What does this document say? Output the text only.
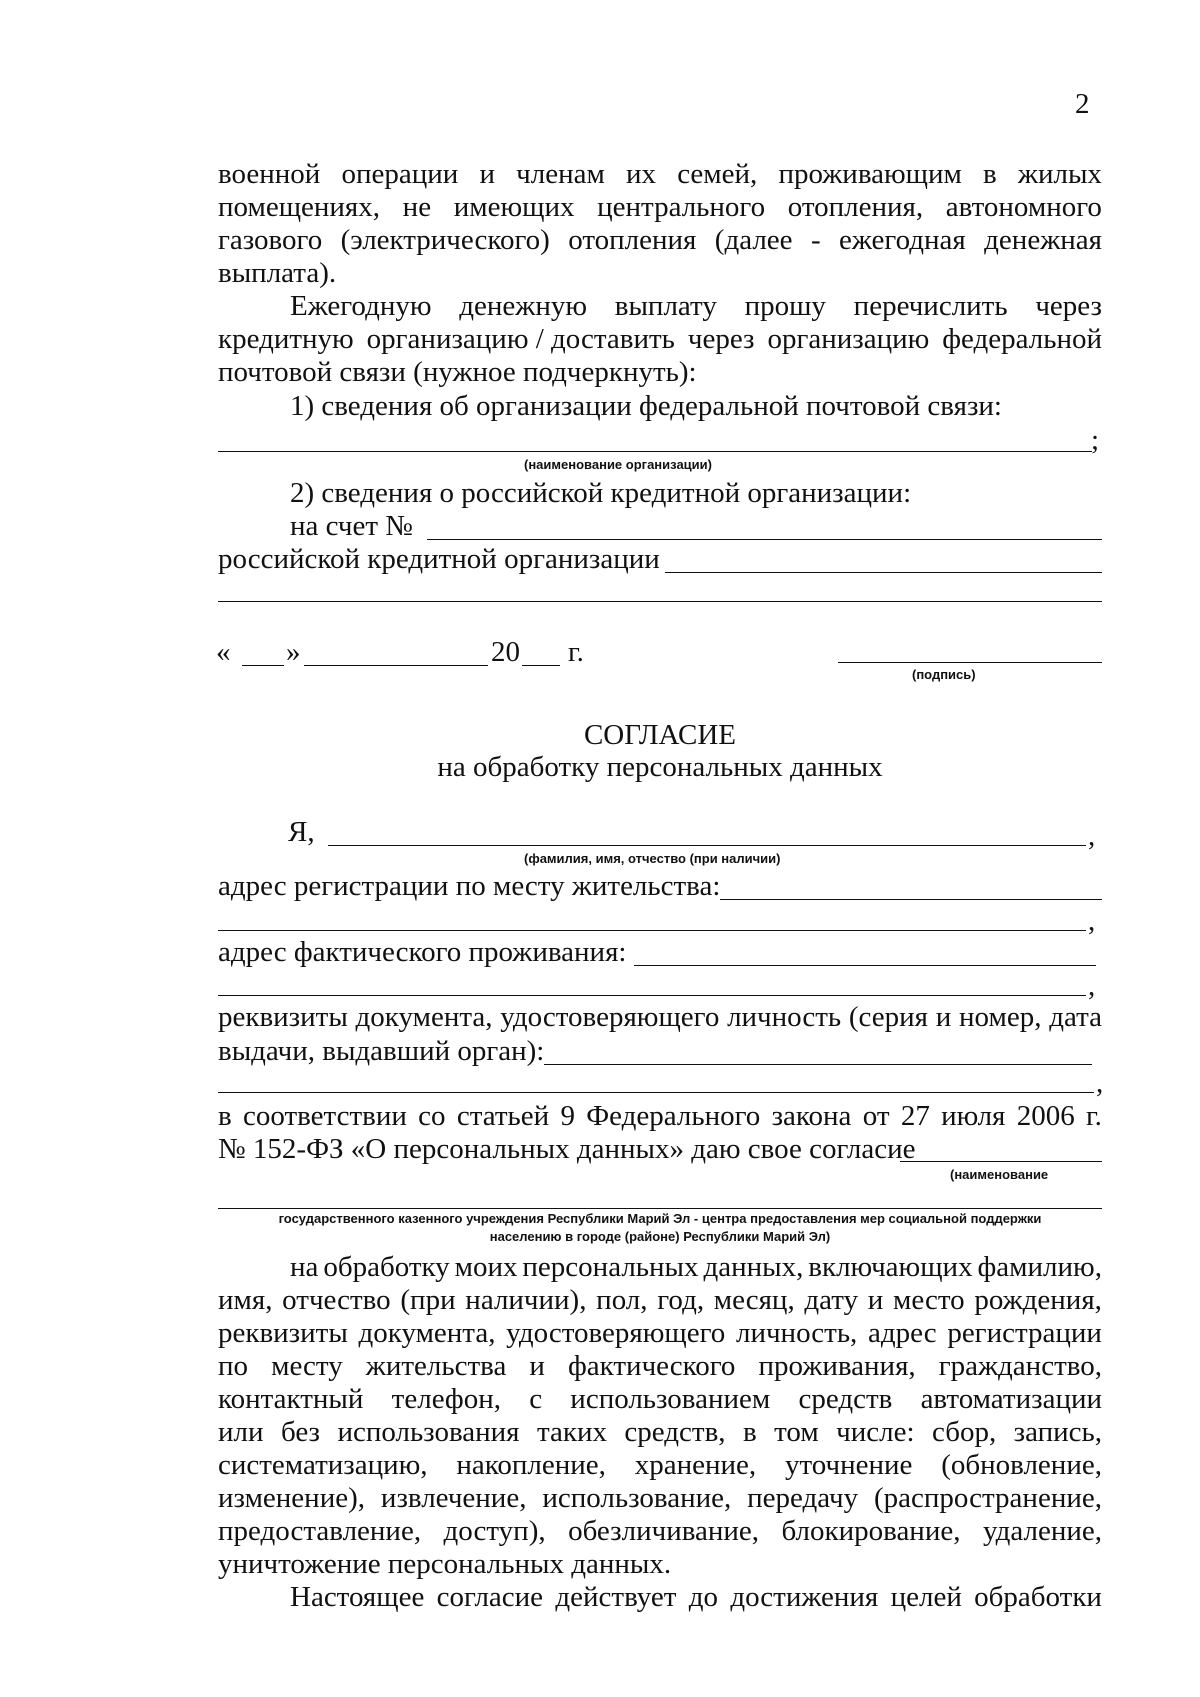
2
военной операции и членам их семей, проживающим в жилых
помещениях, не имеющих центрального отопления, автономного
газового (электрического) отопления (далее - ежегодная денежная
выплата).
Ежегодную денежную выплату прошу перечислить через
кредитную организацию / доставить через организацию федеральной
почтовой связи (нужное подчеркнуть):
1) сведения об организации федеральной почтовой связи:
;
(наименование организации)
2) сведения о российской кредитной организации:
на счет №
российской кредитной организации
« »	20 г.
(подпись)
СОГЛАСИЕ
на обработку персональных данных
Я,	,
(фамилия, имя, отчество (при наличии)
адрес регистрации по месту жительства:
,
адрес фактического проживания:
,
реквизиты документа, удостоверяющего личность (серия и номер, дата
выдачи, выдавший орган):
,
в соответствии со статьей 9 Федерального закона от 27 июля 2006 г.
№ 152-ФЗ «О персональных данных» даю свое согласие
(наименование
государственного казенного учреждения Республики Марий Эл - центра предоставления мер социальной поддержки
населению в городе (районе) Республики Марий Эл)
на обработку моих персональных данных, включающих фамилию,
имя, отчество (при наличии), пол, год, месяц, дату и место рождения,
реквизиты документа, удостоверяющего личность, адрес регистрации
по месту жительства и фактического проживания, гражданство,
контактный телефон, с использованием средств автоматизации
или без использования таких средств, в том числе: сбор, запись,
систематизацию, накопление, хранение, уточнение (обновление,
изменение), извлечение, использование, передачу (распространение,
предоставление, доступ), обезличивание, блокирование, удаление,
уничтожение персональных данных.
Настоящее согласие действует до достижения целей обработки
